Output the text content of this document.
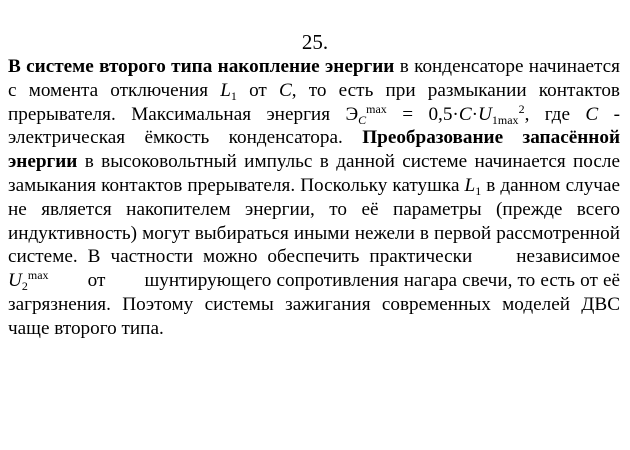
25.
В системе второго типа накопление энергии в конденсаторе начинается с момента отключения $L_1$ от C, то есть при размыкании контактов прерывателя. Максимальная энергия $Э_C^{max} = 0,5\cdot C\cdot U_{1max}^2$, где C - электрическая ёмкость конденсатора. Преобразование запасённой энергии в высоковольтный импульс в данной системе начинается после замыкания контактов прерывателя. Поскольку катушка $L_1$ в данном случае не является накопителем энергии, то её параметры (прежде всего индуктивность) могут выбираться иными нежели в первой рассмотренной системе. В частности можно обеспечить практически независимое $U_2^{max}$ от шунтирующего сопротивления нагара свечи, то есть от её загрязнения. Поэтому системы зажигания современных моделей ДВС чаще второго типа.
